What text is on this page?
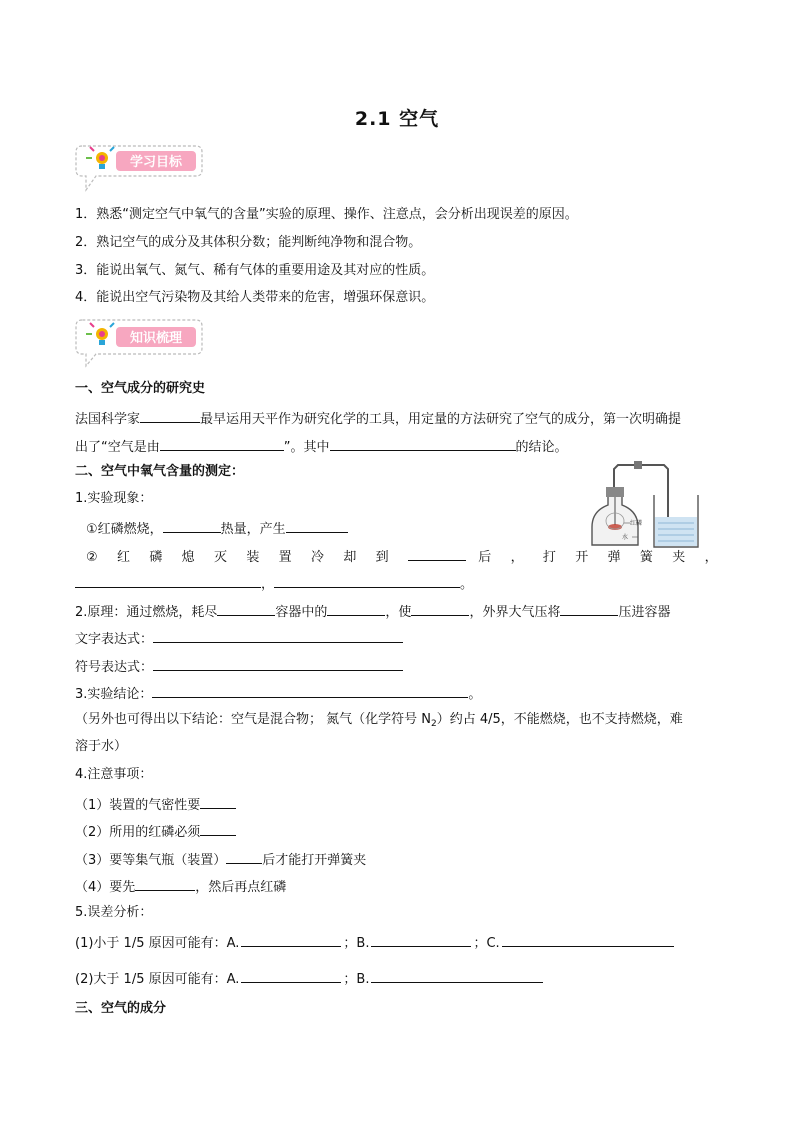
2.1 空气
学习目标
1．熟悉“测定空气中氧气的含量”实验的原理、操作、注意点，会分析出现误差的原因。
2．熟记空气的成分及其体积分数；能判断纯净物和混合物。
3．能说出氧气、氮气、稀有气体的重要用途及其对应的性质。
4．能说出空气污染物及其给人类带来的危害，增强环保意识。
知识梳理
一、空气成分的研究史
法国科学家	最早运用天平作为研究化学的工具，用定量的方法研究了空气的成分，第一次明确提
出了“空气是由	”。其中	的结论。
二、空气中氧气含量的测定：
1.实验现象：
①红磷燃烧，	热量，产生
② 红 磷 熄 灭 装 置 冷 却 到	后 ， 打 开 弹 簧 夹 ，
，	。
红磷
水
2.原理：通过燃烧，耗尽	容器中的	，使	，外界大气压将	压进容器
文字表达式：
符号表达式：
3.实验结论：	。
（另外也可得出以下结论：空气是混合物； 氮气（化学符号 $N_2$）约占 4/5，不能燃烧，也不支持燃烧，难
溶于水）
4.注意事项：
（1）装置的气密性要
（2）所用的红磷必须
（3）要等集气瓶（装置）	后才能打开弹簧夹
（4）要先	，然后再点红磷
5.误差分析：
(1)小于 1/5 原因可能有：A.	；B.	；C.
(2)大于 1/5 原因可能有：A.	；B.
三、空气的成分
